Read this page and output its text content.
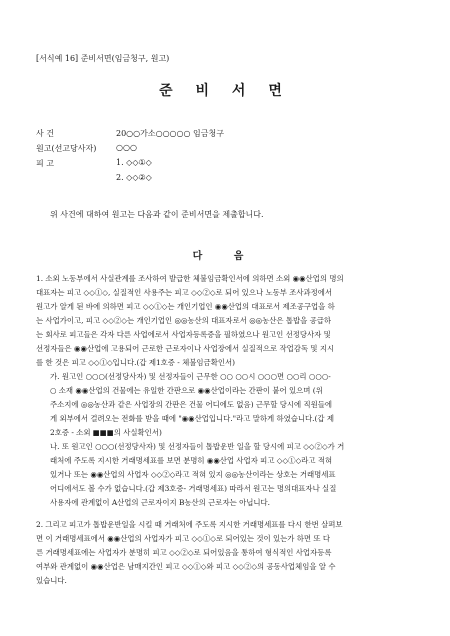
[서식예 16] 준비서면(임금청구, 원고)
준 비 서 면
사 건	20○○가소○○○○○ 임금청구
원고(선고당사자) ○○○
피 고	1. ◇◇①◇
2. ◇◇②◇
위 사건에 대하여 원고는 다음과 같이 준비서면을 제출합니다.
다 음
1. 소외 노동부에서 사실관계를 조사하여 발급한 체불임금확인서에 의하면 소외 ◉◉산업의 명의
대표자는 피고 ◇◇①◇, 실질적인 사용주는 피고 ◇◇②◇로 되어 있으나 노동부 조사과정에서
원고가 알게 된 바에 의하면 피고 ◇◇①◇는 개인기업인 ◉◉산업의 대표로서 제조공구업을 하
는 사업가이고, 피고 ◇◇②◇는 개인기업인 ◎◎농산의 대표자로서 ◎◎농산은 톱밥을 공급하
는 회사로 피고들은 각자 다른 사업에로서 사업자등록증을 필하였으나 원고인 선정당사자 및
선정자들은 ◉◉산업에 고용되어 근로한 근로자이나 사업장에서 실질적으로 작업감독 및 지시
를 한 것은 피고 ◇◇①◇입니다.(갑 제1호증 - 체불임금확인서)
가. 원고인 ○○○(선정당사자) 및 선정자들이 근무한 ○○ ○○시 ○○○면 ○○리 ○○○-
○ 소재 ◉◉산업의 건물에는 유일한 간판으로 ◉◉산업이라는 간판이 붙어 있으며 (위
주소지에 ◎◎농산과 같은 사업장의 간판은 건물 어디에도 없음) 근무할 당시에 직원들에
게 외부에서 걸려오는 전화를 받을 때에 "◉◉산업입니다."라고 말하게 하였습니다.(갑 제
2호증 - 소외 ■■■의 사실확인서)
나. 또 원고인 ○○○(선정당사자) 및 선정자들이 톱밥운반 일을 할 당시에 피고 ◇◇②◇가 거
래처에 주도록 지시한 거래명세표를 보면 분명히 ◉◉산업 사업자 피고 ◇◇①◇라고 적혀
있거나 또는 ◉◉산업의 사업자 ◇◇②◇라고 적혀 있지 ◎◎농산이라는 상호는 거래명세표
어디에서도 볼 수가 없습니다.(갑 제3호증- 거래명세표) 따라서 원고는 명의대표자나 실질
사용자에 관계없이 A산업의 근로자이지 B농산의 근로자는 아닙니다.
2. 그리고 피고가 톱밥운반일을 시킬 때 거래처에 주도록 지시한 거래명세표를 다시 한번 살펴보
면 이 거래명세표에서 ◉◉산업의 사업자가 피고 ◇◇①◇로 되어있는 것이 있는가 하면 또 다
른 거래명세표에는 사업자가 분명히 피고 ◇◇②◇로 되어있음을 통하여 형식적인 사업자등록
여부와 관계없이 ◉◉산업은 남매지간인 피고 ◇◇①◇와 피고 ◇◇②◇의 공동사업체임을 알 수
있습니다.
